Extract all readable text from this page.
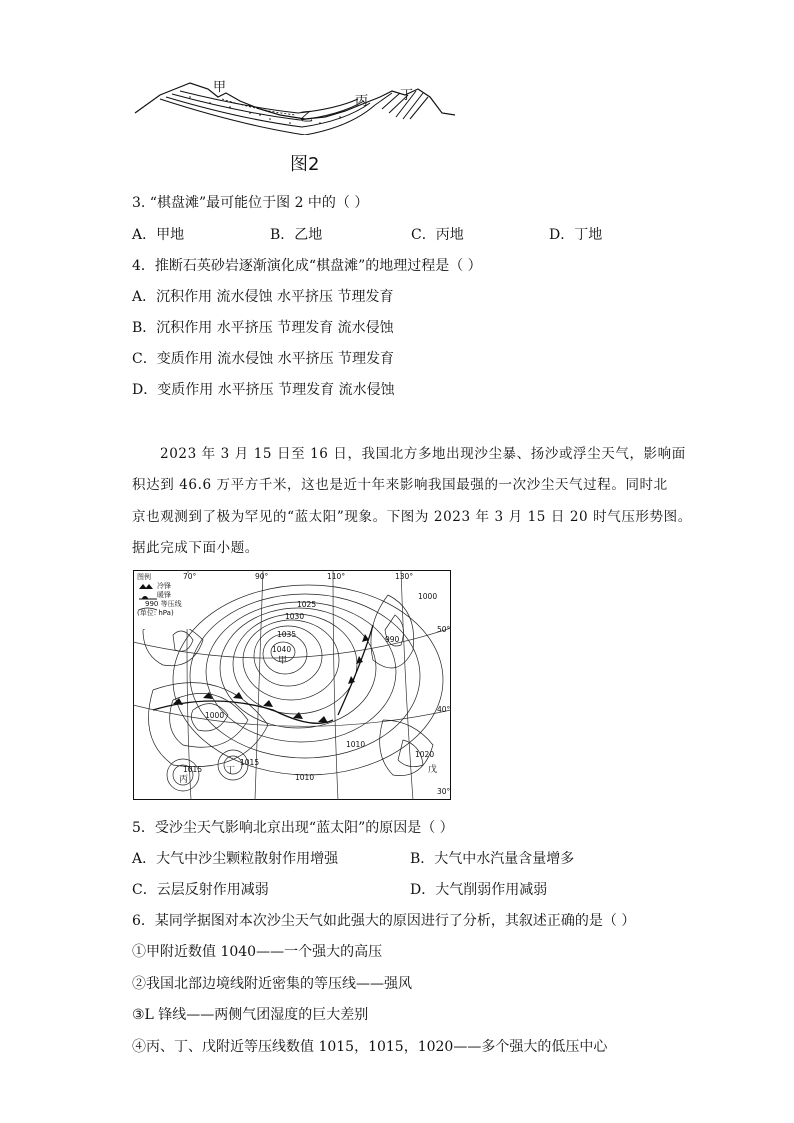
甲
乙
丙 丁
图2
3. “棋盘滩”最可能位于图 2 中的（ ）
A．甲地	B．乙地	C．丙地	D．丁地
4．推断石英砂岩逐渐演化成“棋盘滩”的地理过程是（ ）
A．沉积作用 流水侵蚀 水平挤压 节理发育
B．沉积作用 水平挤压 节理发育 流水侵蚀
C．变质作用 流水侵蚀 水平挤压 节理发育
D．变质作用 水平挤压 节理发育 流水侵蚀
2023 年 3 月 15 日至 16 日，我国北方多地出现沙尘暴、扬沙或浮尘天气，影响面
积达到 46.6 万平方千米，这也是近十年来影响我国最强的一次沙尘天气过程。同时北
京也观测到了极为罕见的“蓝太阳”现象。下图为 2023 年 3 月 15 日 20 时气压形势图。
据此完成下面小题。
图例
冷锋
暖锋
990 等压线
(单位: hPa)
70°	90°	110°	130°
50°
40°
30°
1025
1030
1035
1040
1000
990
1000
1010
1015
1015
1010
1020
甲
丙
丁	戊
5．受沙尘天气影响北京出现“蓝太阳”的原因是（ ）
A．大气中沙尘颗粒散射作用增强	B．大气中水汽量含量增多
C．云层反射作用减弱	D．大气削弱作用减弱
6．某同学据图对本次沙尘天气如此强大的原因进行了分析，其叙述正确的是（ ）
①甲附近数值 1040——一个强大的高压
②我国北部边境线附近密集的等压线——强风
③L 锋线——两侧气团湿度的巨大差别
④丙、丁、戊附近等压线数值 1015，1015，1020——多个强大的低压中心
